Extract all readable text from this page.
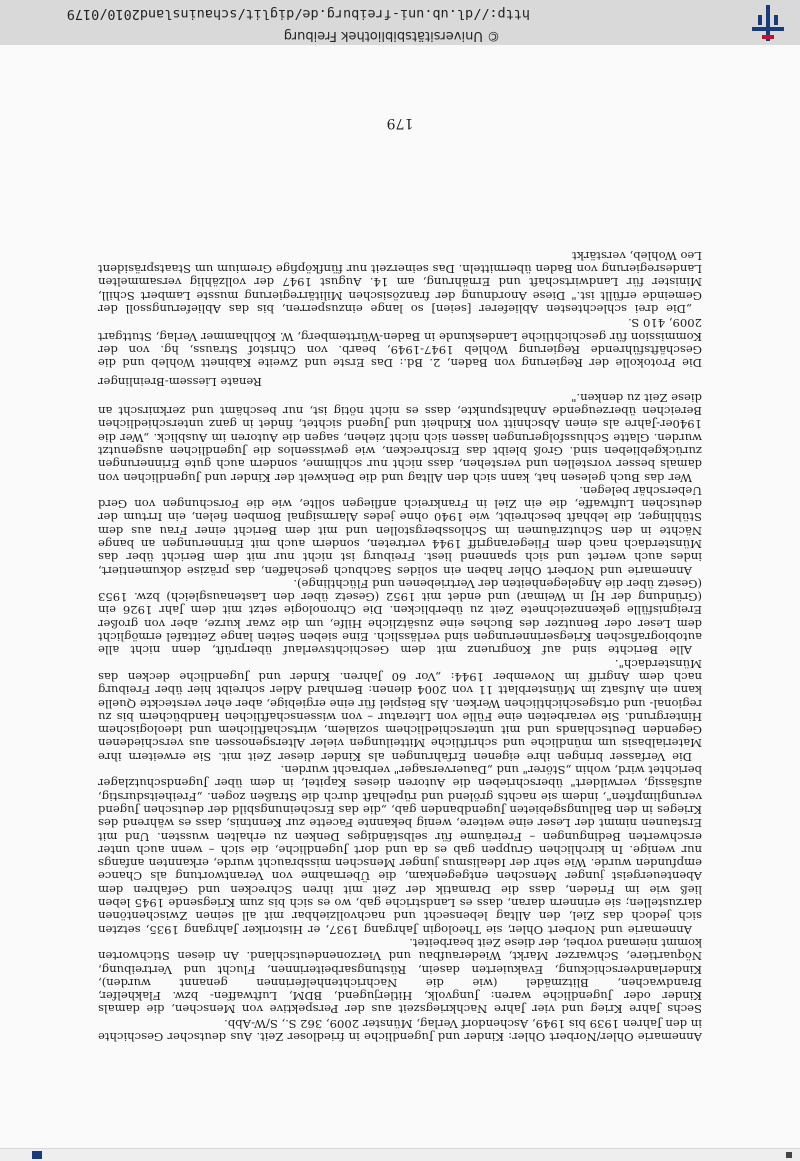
Annemarie Ohler/Norbert Ohler: Kinder und Jugendliche in friedloser Zeit. Aus deutscher Geschichte in den Jahren 1939 bis 1949, Aschendorf Verlag, Münster 2009, 362 S., S/W-Abb.

Sechs Jahre Krieg und vier Jahre Nachkriegszeit aus der Perspektive von Menschen, die damals Kinder oder Jugendliche waren: Jungvolk, Hitlerjugend, BDM, Luftwaffen- bzw. Flakhelfer, Brandwachen, Blitzmädel (wie die Nachrichtenhelferinnen genannt wurden), Kinderlandverschickung, Evakuierten dasein, Rüstungsarbeiterinnen, Flucht und Vertreibung, Nöquartiere, Schwarzer Markt, Wiederaufbau und Vierzonendeutschland. An diesen Stichworten kommt niemand vorbei, der diese Zeit bearbeitet.

Annemarie und Norbert Ohler, sie Theologin Jahrgang 1937, er Historiker Jahrgang 1935, setzten sich jedoch das Ziel, den Alltag lebensecht und nachvollziehbar mit all seinen Zwischentönen darzustellen; sie erinnern daran, dass es Landstriche gab, wo es sich bis zum Kriegsende 1945 leben ließ wie im Frieden, dass die Dramatik der Zeit mit ihren Schrecken und Gefahren dem Abenteuergeist junger Menschen entgegenkam, die Übernahme von Verantwortung als Chance empfunden wurde. Wie sehr der Idealismus junger Menschen missbraucht wurde, erkannten anfangs nur wenige. In kirchlichen Gruppen gab es da und dort Jugendliche, die sich – wenn auch unter erschwerten Bedingungen – Freiräume für selbständiges Denken zu erhalten wussten. Und mit Erstaunen nimmt der Leser eine weitere, wenig bekannte Facette zur Kenntnis, dass es während des Krieges in den Ballungsgebieten Jugendbanden gab, „die das Erscheinungsbild der deutschen Jugend verunglimpften", indem sie nachts grölend und rüpelhaft durch die Straßen zogen. „Freiheitsdurstig, aufsässig, verwildert" überschrieben die Autoren dieses Kapitel, in dem über Jugendschutzlager berichtet wird, wohin „Störer" und „Dauerversager" verbracht wurden.

Die Verfasser bringen ihre eigenen Erfahrungen als Kinder dieser Zeit mit. Sie erweitern ihre Materialbasis um mündliche und schriftliche Mitteilungen vieler Altersgenossen aus verschiedenen Gegenden Deutschlands und mit unterschiedlichem sozialem, wirtschaftlichem und ideologischem Hintergrund. Sie verarbeiten eine Fülle von Literatur – von wissenschaftlichen Handbüchern bis zu regional- und ortsgeschichtlichen Werken. Als Beispiel für eine ergiebige, aber eher versteckte Quelle kann ein Aufsatz im Münsterblatt 11 von 2004 dienen: Bernhard Adler schreibt hier über Freiburg nach dem Angriff im November 1944: „Vor 60 Jahren. Kinder und Jugendliche decken das Münsterdach".

Alle Berichte sind auf Kongruenz mit dem Geschichtsverlauf überprüft, denn nicht alle autobiografischen Kriegserinnerungen sind verlässlich. Eine sieben Seiten lange Zeittafel ermöglicht dem Leser oder Benutzer des Buches eine zusätzliche Hilfe, um die zwar kurze, aber von großer Ereignisfülle gekennzeichnete Zeit zu überblicken. Die Chronologie setzt mit dem Jahr 1926 ein (Gründung der HJ in Weimar) und endet mit 1952 (Gesetz über den Lastenausgleich) bzw. 1953 (Gesetz über die Angelegenheiten der Vertriebenen und Flüchtlinge).

Annemarie und Norbert Ohler haben ein solides Sachbuch geschaffen, das präzise dokumentiert, indes auch wertet und sich spannend liest. Freiburg ist nicht nur mit dem Bericht über das Münsterdach nach dem Fliegerangriff 1944 vertreten, sondern auch mit Erinnerungen an bange Nächte in den Schutzräumen im Schlossbergstollen und mit dem Bericht einer Frau aus dem Stühlinger, die lebhaft beschreibt, wie 1940 ohne jedes Alarmsignal Bomben fielen, ein Irrtum der deutschen Luftwaffe, die ein Ziel in Frankreich anfliegen sollte, wie die Forschungen von Gerd Ueberschär belegen.

Wer das Buch gelesen hat, kann sich den Alltag und die Denkwelt der Kinder und Jugendlichen von damals besser vorstellen und verstehen, dass nicht nur schlimme, sondern auch gute Erinnerungen zurückgeblieben sind. Groß bleibt das Erschrecken, wie gewissenlos die Jugendlichen ausgenutzt wurden. Glatte Schlussfolgerungen lassen sich nicht ziehen, sagen die Autoren im Ausblick. „Wer die 1940er-Jahre als einen Abschnitt von Kindheit und Jugend sichtet, findet in ganz unterschiedlichen Bereichen überzeugende Anhaltspunkte, dass es nicht nötig ist, nur beschämt und zerknirscht an diese Zeit zu denken."

Renate Liessem-Breinlinger

Die Protokolle der Regierung von Baden, 2. Bd.: Das Erste und Zweite Kabinett Wohleb und die Geschäftsführende Regierung Wohleb 1947-1949, bearb. von Christof Strauss, hg. von der Kommission für geschichtliche Landeskunde in Baden-Württemberg, W. Kohlhammer Verlag, Stuttgart 2009, 410 S.

„Die drei schlechtesten Ablieferer [seien] so lange einzusperren, bis das Ablieferungssoll der Gemeinde erfüllt ist." Diese Anordnung der französischen Militärregierung musste Lambert Schill, Minister für Landwirtschaft und Ernährung, am 14. August 1947 der vollzählig versammelten Landesregierung von Baden übermitteln. Das seinerzeit nur fünfköpfige Gremium um Staatspräsident Leo Wohleb, verstärkt

179
© Universitätsbibliothek Freiburg
http://dl.ub.uni-freiburg.de/diglit/schauinsland2010/0179
